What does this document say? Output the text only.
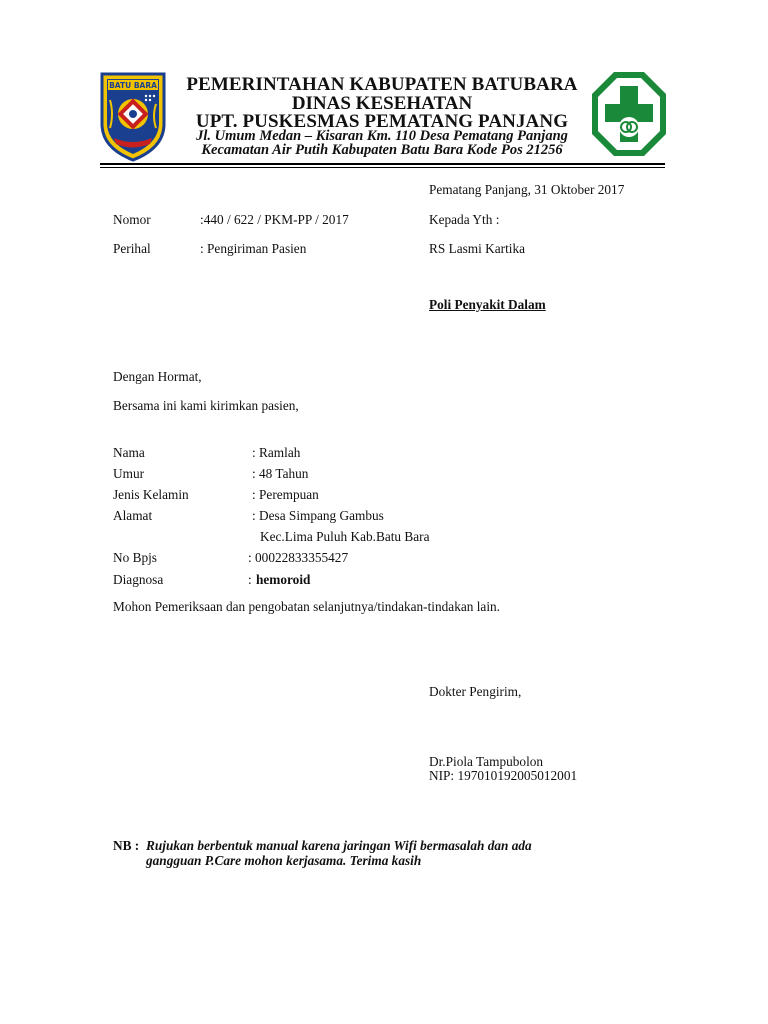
BATU BARA	PEMERINTAHAN KABUPATEN BATUBARA
DINAS KESEHATAN
UPT. PUSKESMAS PEMATANG PANJANG
Jl. Umum Medan – Kisaran Km. 110 Desa Pematang Panjang
Kecamatan Air Putih Kabupaten Batu Bara Kode Pos 21256
Pematang Panjang, 31 Oktober 2017
Nomor	:440 / 622 / PKM-PP / 2017	Kepada Yth :
Perihal	: Pengiriman Pasien	RS Lasmi Kartika
Poli Penyakit Dalam
Dengan Hormat,
Bersama ini kami kirimkan pasien,
Nama	: Ramlah
Umur	: 48 Tahun
Jenis Kelamin	: Perempuan
Alamat	: Desa Simpang Gambus
Kec.Lima Puluh Kab.Batu Bara
No Bpjs	: 00022833355427
Diagnosa	: hemoroid
Mohon Pemeriksaan dan pengobatan selanjutnya/tindakan-tindakan lain.
Dokter Pengirim,
Dr.Piola Tampubolon
NIP: 197010192005012001
NB : Rujukan berbentuk manual karena jaringan Wifi bermasalah dan ada
gangguan P.Care mohon kerjasama. Terima kasih
